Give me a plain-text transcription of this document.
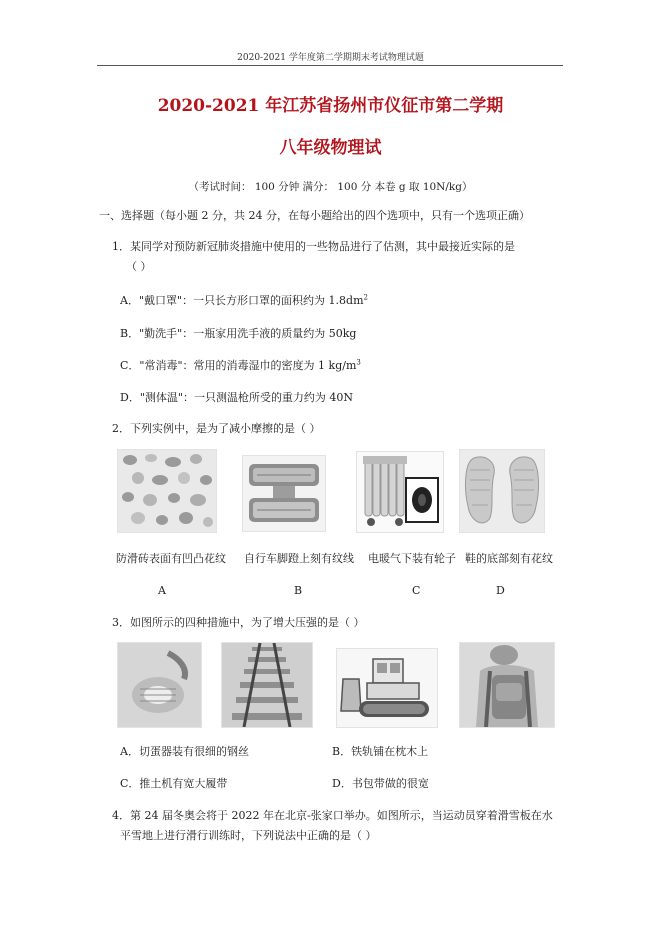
2020-2021 学年度第二学期期末考试物理试题
2020-2021 年江苏省扬州市仪征市第二学期
八年级物理试
（考试时间： 100 分钟 满分： 100 分 本卷 g 取 10N/kg）
一、选择题（每小题 2 分，共 24 分，在每小题给出的四个选项中，只有一个选项正确）
1．某同学对预防新冠肺炎措施中使用的一些物品进行了估测，其中最接近实际的是
（ ）
A．"戴口罩"：一只长方形口罩的面积约为 $1.8dm^2$
B．"勤洗手"：一瓶家用洗手液的质量约为 50kg
C．"常消毒"：常用的消毒湿巾的密度为 1 $kg/m^3$
D．"测体温"：一只测温枪所受的重力约为 40N
2．下列实例中，是为了减小摩擦的是（ ）
防滑砖表面有凹凸花纹 自行车脚蹬上刻有纹线 电暖气下装有轮子 鞋的底部刻有花纹
A	B	C	D
3．如图所示的四种措施中，为了增大压强的是（ ）
A．切蛋器装有很细的钢丝	B．铁轨铺在枕木上
C．推土机有宽大履带	D．书包带做的很宽
4．第 24 届冬奥会将于 2022 年在北京-张家口举办。如图所示，当运动员穿着滑雪板在水
平雪地上进行滑行训练时，下列说法中正确的是（ ）
